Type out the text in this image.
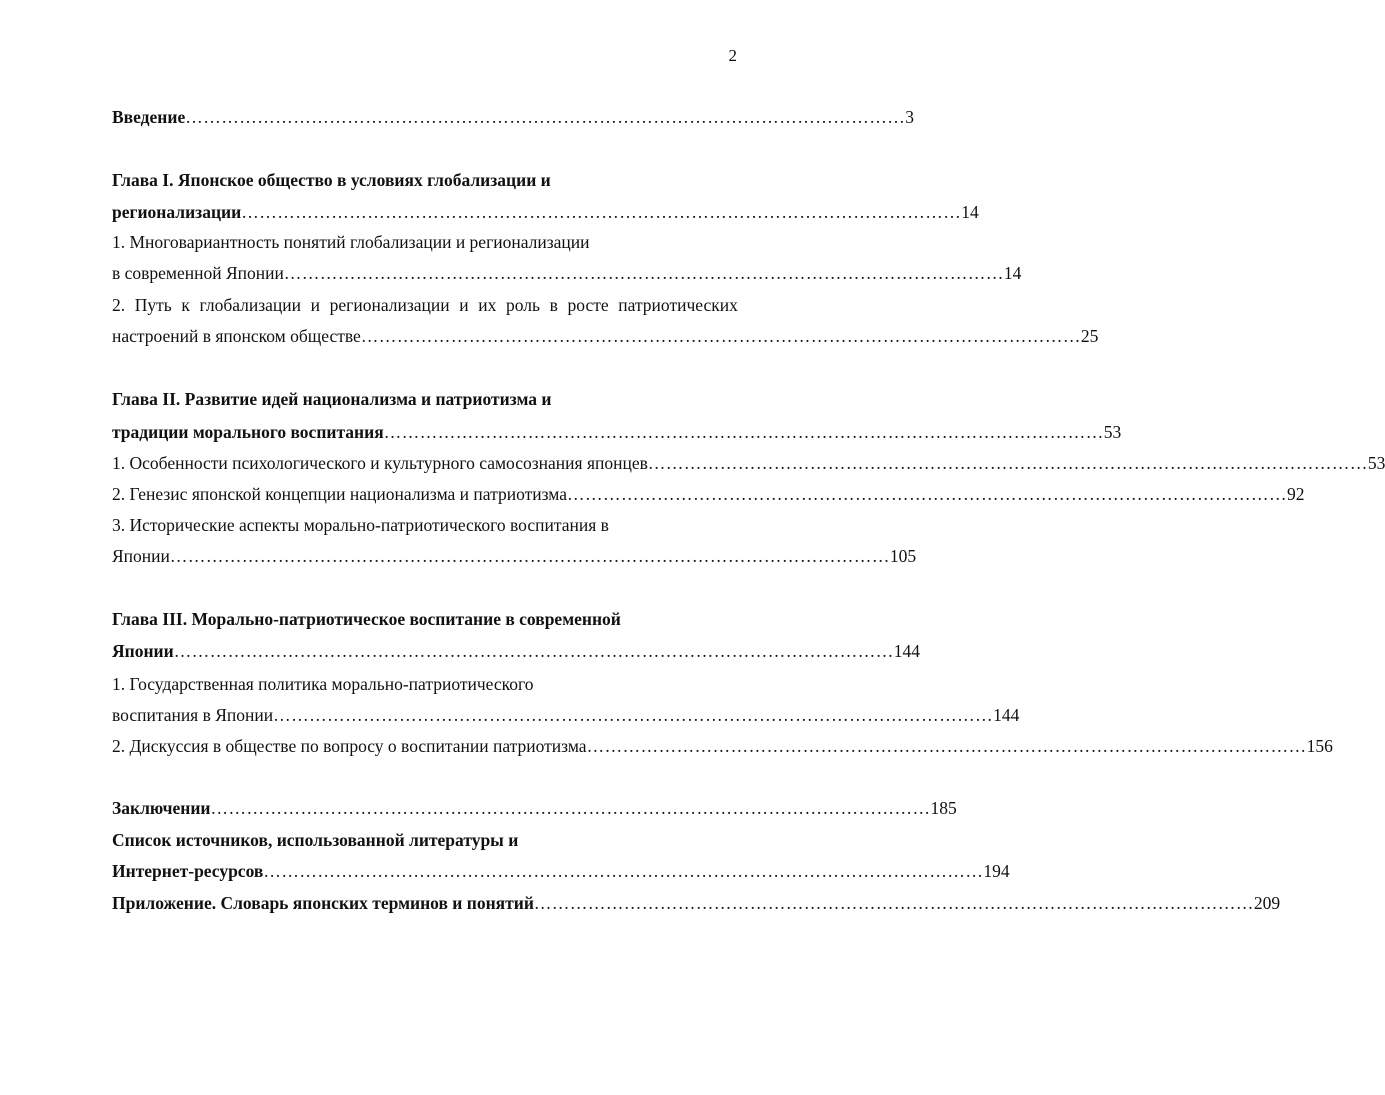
2
Введение ………………………………………………………………………………………………………… 3
Глава I. Японское общество в условиях глобализации и
регионализации ………………………………………………………………………………………………………… 14
1. Многовариантность понятий глобализации и регионализации
в современной Японии ………………………………………………………………………………………………………… 14
2. Путь к глобализации и регионализации и их роль в росте патриотических
настроений в японском обществе ………………………………………………………………………………………………………… 25
Глава II. Развитие идей национализма и патриотизма и
традиции морального воспитания ………………………………………………………………………………………………………… 53
1. Особенности психологического и культурного самосознания японцев ………………………………………………………………………………………………………… 53
2. Генезис японской концепции национализма и патриотизма ………………………………………………………………………………………………………… 92
3. Исторические аспекты морально-патриотического воспитания в
Японии ………………………………………………………………………………………………………… 105
Глава III. Морально-патриотическое воспитание в современной
Японии ………………………………………………………………………………………………………… 144
1. Государственная политика морально-патриотического
воспитания в Японии ………………………………………………………………………………………………………… 144
2. Дискуссия в обществе по вопросу о воспитании патриотизма ………………………………………………………………………………………………………… 156
Заключении ………………………………………………………………………………………………………… 185
Список источников, использованной литературы и
Интернет-ресурсов ………………………………………………………………………………………………………… 194
Приложение. Словарь японских терминов и понятий ………………………………………………………………………………………………………… 209
